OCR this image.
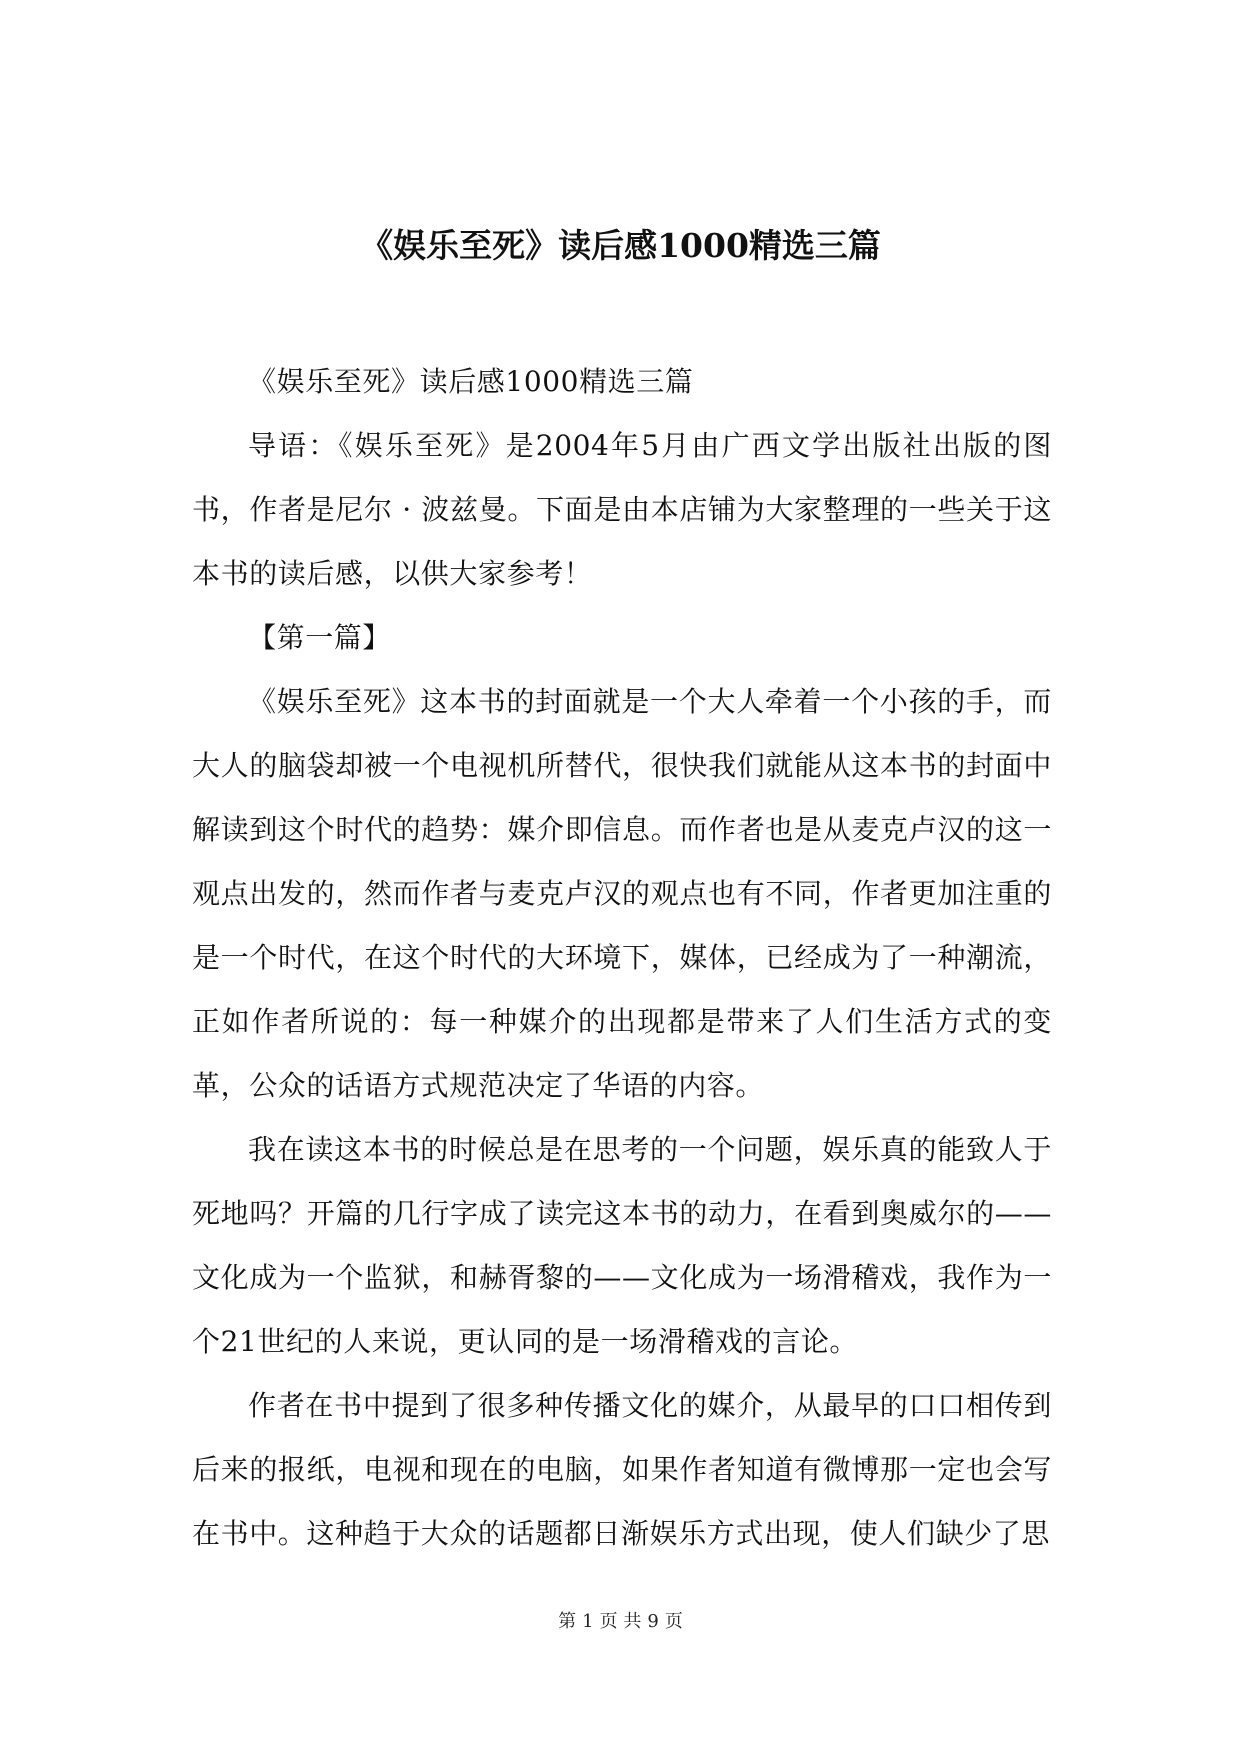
《娱乐至死》读后感1000精选三篇

《娱乐至死》读后感1000精选三篇

导语：《娱乐至死》是2004年5月由广西文学出版社出版的图书，作者是尼尔 · 波兹曼。下面是由本店铺为大家整理的一些关于这本书的读后感，以供大家参考！

【第一篇】

《娱乐至死》这本书的封面就是一个大人牵着一个小孩的手，而大人的脑袋却被一个电视机所替代，很快我们就能从这本书的封面中解读到这个时代的趋势：媒介即信息。而作者也是从麦克卢汉的这一观点出发的，然而作者与麦克卢汉的观点也有不同，作者更加注重的是一个时代，在这个时代的大环境下，媒体，已经成为了一种潮流，正如作者所说的：每一种媒介的出现都是带来了人们生活方式的变革，公众的话语方式规范决定了华语的内容。

我在读这本书的时候总是在思考的一个问题，娱乐真的能致人于死地吗？开篇的几行字成了读完这本书的动力，在看到奥威尔的——文化成为一个监狱，和赫胥黎的——文化成为一场滑稽戏，我作为一个21世纪的人来说，更认同的是一场滑稽戏的言论。

作者在书中提到了很多种传播文化的媒介，从最早的口口相传到后来的报纸，电视和现在的电脑，如果作者知道有微博那一定也会写在书中。这种趋于大众的话题都日渐娱乐方式出现，使人们缺少了思

第 1 页 共 9 页
